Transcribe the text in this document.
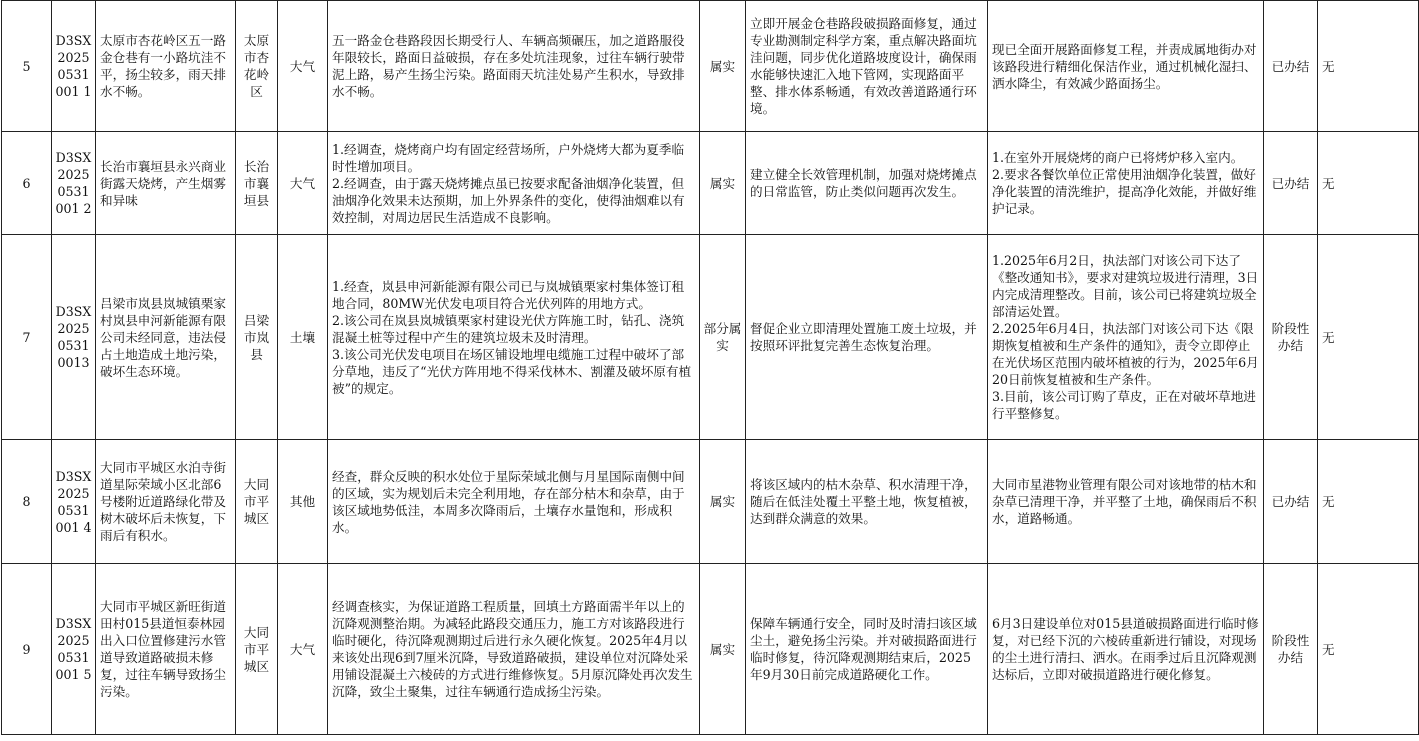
5	D3SX20250531001 1	太原市杏花岭区五一路金仓巷有一小路坑洼不平，扬尘较多，雨天排水不畅。	太原市杏花岭区	大气	五一路金仓巷路段因长期受行人、车辆高频碾压，加之道路服役年限较长，路面日益破损，存在多处坑洼现象，过往车辆行驶带泥上路，易产生扬尘污染。路面雨天坑洼处易产生积水，导致排水不畅。	属实	立即开展金仓巷路段破损路面修复，通过专业勘测制定科学方案，重点解决路面坑洼问题，同步优化道路坡度设计，确保雨水能够快速汇入地下管网，实现路面平整、排水体系畅通，有效改善道路通行环境。	现已全面开展路面修复工程，并责成属地街办对该路段进行精细化保洁作业，通过机械化湿扫、洒水降尘，有效减少路面扬尘。	已办结	无
6	D3SX20250531001 2	长治市襄垣县永兴商业街露天烧烤，产生烟雾和异味	长治市襄垣县	大气	1.经调查，烧烤商户均有固定经营场所，户外烧烤大都为夏季临时性增加项目。
2.经调查，由于露天烧烤摊点虽已按要求配备油烟净化装置，但油烟净化效果未达预期，加上外界条件的变化，使得油烟难以有效控制，对周边居民生活造成不良影响。	属实	建立健全长效管理机制，加强对烧烤摊点的日常监管，防止类似问题再次发生。	1.在室外开展烧烤的商户已将烤炉移入室内。
2.要求各餐饮单位正常使用油烟净化装置，做好净化装置的清洗维护，提高净化效能，并做好维护记录。	已办结	无
7	D3SX202505310013	吕梁市岚县岚城镇栗家村岚县申河新能源有限公司未经同意，违法侵占土地造成土地污染，破坏生态环境。	吕梁市岚县	土壤	1.经查，岚县申河新能源有限公司已与岚城镇栗家村集体签订租地合同，80MW光伏发电项目符合光伏列阵的用地方式。
2.该公司在岚县岚城镇栗家村建设光伏方阵施工时，钻孔、浇筑混凝土桩等过程中产生的建筑垃圾未及时清理。
3.该公司光伏发电项目在场区铺设地埋电缆施工过程中破坏了部分草地，违反了“光伏方阵用地不得采伐林木、割灌及破坏原有植被”的规定。	部分属实	督促企业立即清理处置施工废土垃圾，并按照环评批复完善生态恢复治理。	1.2025年6月2日，执法部门对该公司下达了《整改通知书》，要求对建筑垃圾进行清理，3日内完成清理整改。目前，该公司已将建筑垃圾全部清运处置。
2.2025年6月4日，执法部门对该公司下达《限期恢复植被和生产条件的通知》，责令立即停止在光伏场区范围内破坏植被的行为，2025年6月20日前恢复植被和生产条件。
3.目前，该公司订购了草皮，正在对破坏草地进行平整修复。	阶段性办结	无
8	D3SX20250531001 4	大同市平城区水泊寺街道星际荣域小区北部6号楼附近道路绿化带及树木破坏后未恢复，下雨后有积水。	大同市平城区	其他	经查，群众反映的积水处位于星际荣域北侧与月星国际南侧中间的区域，实为规划后未完全利用地，存在部分枯木和杂草，由于该区域地势低洼，本周多次降雨后，土壤存水量饱和，形成积水。	属实	将该区域内的枯木杂草、积水清理干净，随后在低洼处覆土平整土地，恢复植被，达到群众满意的效果。	大同市星港物业管理有限公司对该地带的枯木和杂草已清理干净，并平整了土地，确保雨后不积水，道路畅通。	已办结	无
9	D3SX20250531001 5	大同市平城区新旺街道田村015县道恒泰林园出入口位置修建污水管道导致道路破损未修复，过往车辆导致扬尘污染。	大同市平城区	大气	经调查核实，为保证道路工程质量，回填土方路面需半年以上的沉降观测整治期。为减轻此路段交通压力，施工方对该路段进行临时硬化，待沉降观测期过后进行永久硬化恢复。2025年4月以来该处出现6到7厘米沉降，导致道路破损，建设单位对沉降处采用铺设混凝土六棱砖的方式进行维修恢复。5月原沉降处再次发生沉降，致尘土聚集，过往车辆通行造成扬尘污染。	属实	保障车辆通行安全，同时及时清扫该区域尘土，避免扬尘污染。并对破损路面进行临时修复，待沉降观测期结束后，2025年9月30日前完成道路硬化工作。	6月3日建设单位对015县道破损路面进行临时修复，对已经下沉的六棱砖重新进行铺设，对现场的尘土进行清扫、洒水。在雨季过后且沉降观测达标后，立即对破损道路进行硬化修复。	阶段性办结	无
